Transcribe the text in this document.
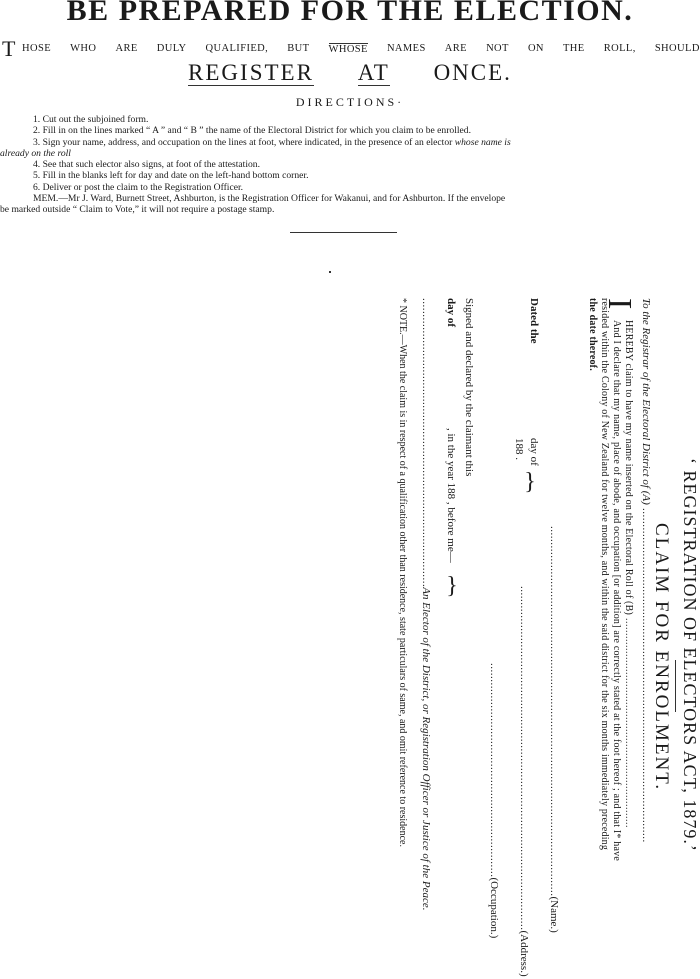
BE PREPARED FOR THE ELECTION.
T HOSE WHO ARE DULY QUALIFIED, BUT WHOSE NAMES ARE NOT ON THE ROLL, SHOULD
REGISTER AT ONCE.
DIRECTIONS·
1. Cut out the subjoined form.
2. Fill in on the lines marked “ A ” and “ B ” the name of the Electoral District for which you claim to be enrolled.
3. Sign your name, address, and occupation on the lines at foot, where indicated, in the presence of an elector whose name is
already on the roll
4. See that such elector also signs, at foot of the attestation.
5. Fill in the blanks left for day and date on the left-hand bottom corner.
6. Deliver or post the claim to the Registration Officer.
MEM.—Mr J. Ward, Burnett Street, Ashburton, is the Registration Officer for Wakanui, and for Ashburton. If the envelope
be marked outside “ Claim to Vote,” it will not require a postage stamp.
‘ REGISTRATION OF ELECTORS ACT, 1879.’
CLAIM FOR ENROLMENT.
To the Registrar of the Electoral District of (A) .......................................................................................................
I
HEREBY claim to have my name inserted on the Electoral Roll of (B) ......................................................................
And I declare that my name, place of abode, and occupation [or addition] are correctly stated at the foot hereof ; and that I* have
resided within the Colony of New Zealand for twelve months, and within the said district for the six months immediately preceding
the date thereof.
..................................................................................................................(Name.)
..........................................................................................................(Address.)
..................................................................(Occupation.)
Dated the
day of
188 .
}
Signed and declared by the claimant this
day of
, in the year 188 , before me—
}
.........................................................................................An Elector of the District, or Registration Officer or Justice of the Peace.
* NOTE.—When the claim is in respect of a qualification other than residence, state particulars of same, and omit reference to residence.
